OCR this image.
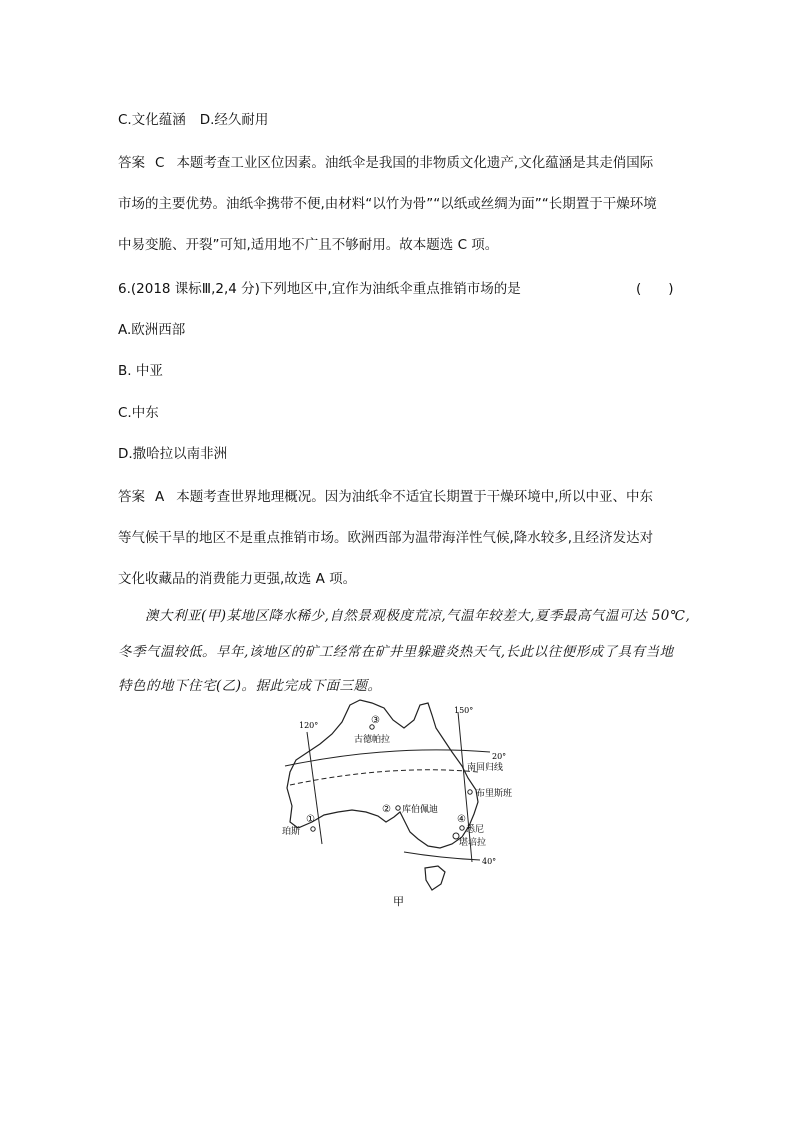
C.文化蕴涵 D.经久耐用
答案 C 本题考查工业区位因素。油纸伞是我国的非物质文化遗产,文化蕴涵是其走俏国际
市场的主要优势。油纸伞携带不便,由材料“以竹为骨”“以纸或丝绸为面”“长期置于干燥环境
中易变脆、开裂”可知,适用地不广且不够耐用。故本题选 C 项。
6.(2018 课标Ⅲ,2,4 分)下列地区中,宜作为油纸伞重点推销市场的是	(　　)
A.欧洲西部
B. 中亚
C.中东
D.撒哈拉以南非洲
答案 A 本题考查世界地理概况。因为油纸伞不适宜长期置于干燥环境中,所以中亚、中东
等气候干旱的地区不是重点推销市场。欧洲西部为温带海洋性气候,降水较多,且经济发达对
文化收藏品的消费能力更强,故选 A 项。
澳大利亚(甲)某地区降水稀少,自然景观极度荒凉,气温年较差大,夏季最高气温可达 50℃,
冬季气温较低。早年,该地区的矿工经常在矿井里躲避炎热天气,长此以往便形成了具有当地
特色的地下住宅(乙)。据此完成下面三题。
120°
150°
20°
40°
南回归线
古德帕拉
库伯佩迪
布里斯班
悉尼
堪培拉
珀斯
③
②
④
①
甲
